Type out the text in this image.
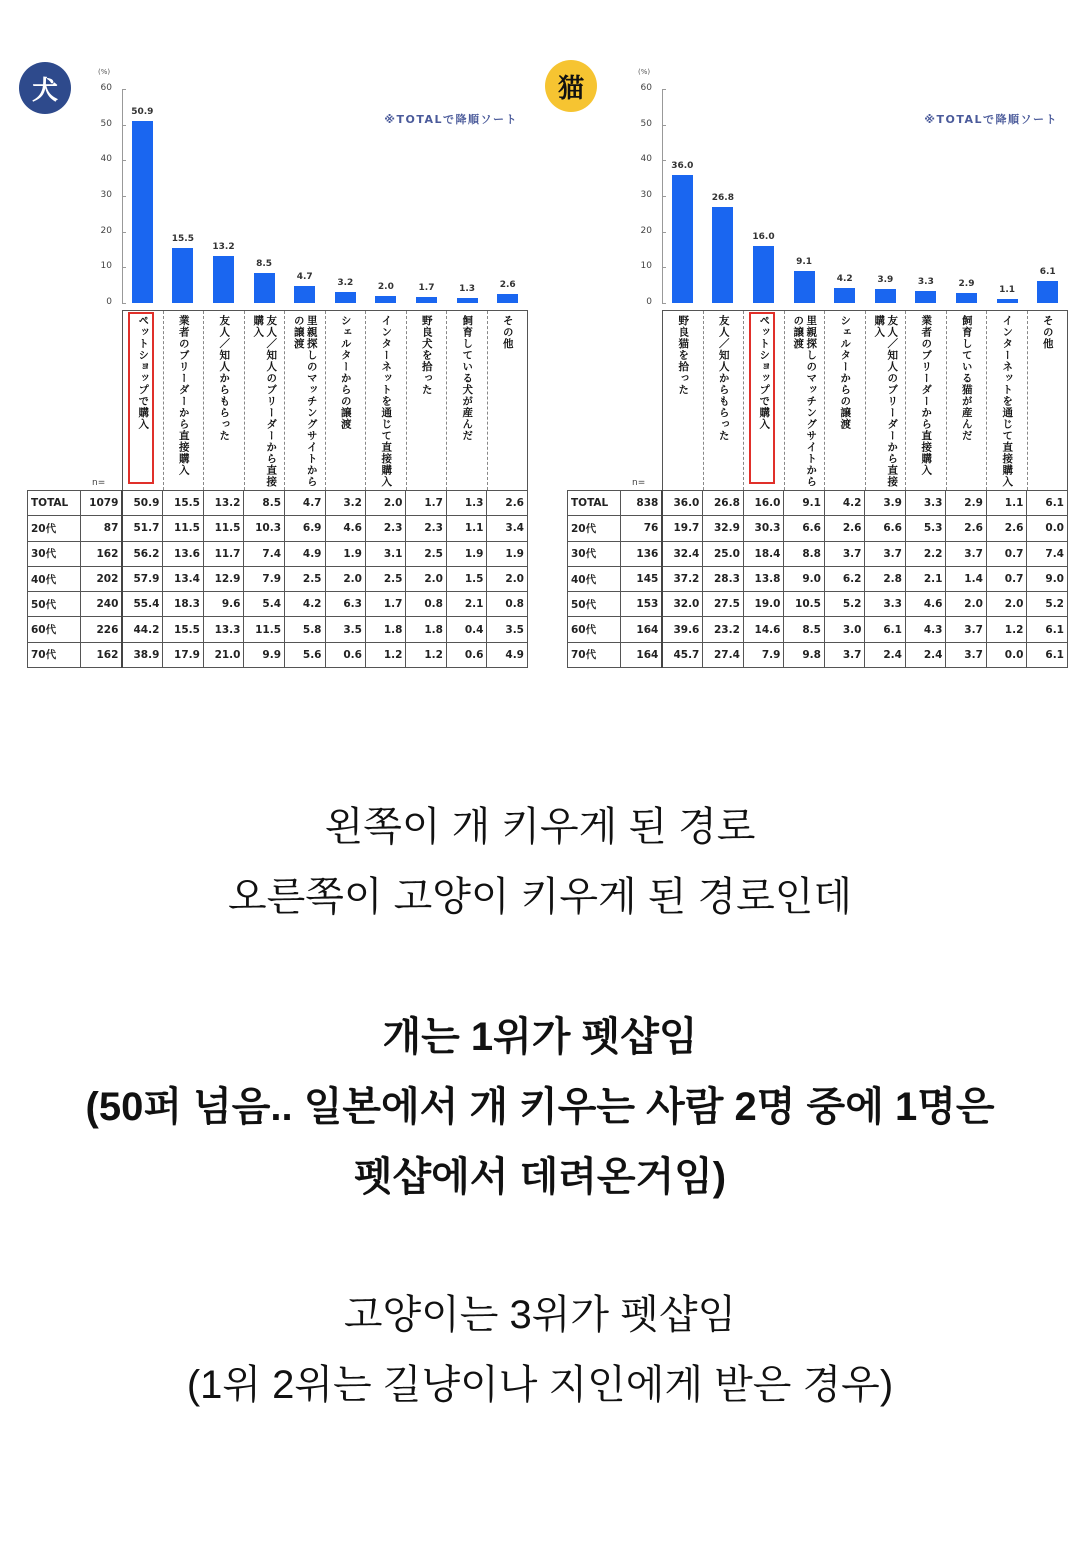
犬
(%)
※TOTALで降順ソート
0
10
20
30
40
50
60
50.9
15.5
13.2
8.5
4.7
3.2	2.0	1.7	1.3	2.6
ペットショップで購入	業者のブリーダーから直接購入	友人／知人からもらった	友人／知人のブリーダーから直接購入	里親探しのマッチングサイトからの譲渡	シェルターからの譲渡	インターネットを通じて直接購入	野良犬を拾った	飼育している犬が産んだ	その他
n=
TOTAL	1079	50.9	15.5	13.2	8.5	4.7	3.2	2.0	1.7	1.3	2.6
20代	87	51.7	11.5	11.5	10.3	6.9	4.6	2.3	2.3	1.1	3.4
30代	162	56.2	13.6	11.7	7.4	4.9	1.9	3.1	2.5	1.9	1.9
40代	202	57.9	13.4	12.9	7.9	2.5	2.0	2.5	2.0	1.5	2.0
50代	240	55.4	18.3	9.6	5.4	4.2	6.3	1.7	0.8	2.1	0.8
60代	226	44.2	15.5	13.3	11.5	5.8	3.5	1.8	1.8	0.4	3.5
70代	162	38.9	17.9	21.0	9.9	5.6	0.6	1.2	1.2	0.6	4.9
猫
(%)
※TOTALで降順ソート
0
10
20
30
40
50
60
36.0
26.8
16.0
9.1
4.2	3.9	3.3	2.9
1.1
6.1
野良猫を拾った	友人／知人からもらった	ペットショップで購入	里親探しのマッチングサイトからの譲渡	シェルターからの譲渡	友人／知人のブリーダーから直接購入	業者のブリーダーから直接購入	飼育している猫が産んだ	インターネットを通じて直接購入	その他
n=
TOTAL	838	36.0	26.8	16.0	9.1	4.2	3.9	3.3	2.9	1.1	6.1
20代	76	19.7	32.9	30.3	6.6	2.6	6.6	5.3	2.6	2.6	0.0
30代	136	32.4	25.0	18.4	8.8	3.7	3.7	2.2	3.7	0.7	7.4
40代	145	37.2	28.3	13.8	9.0	6.2	2.8	2.1	1.4	0.7	9.0
50代	153	32.0	27.5	19.0	10.5	5.2	3.3	4.6	2.0	2.0	5.2
60代	164	39.6	23.2	14.6	8.5	3.0	6.1	4.3	3.7	1.2	6.1
70代	164	45.7	27.4	7.9	9.8	3.7	2.4	2.4	3.7	0.0	6.1

왼쪽이 개 키우게 된 경로

오른쪽이 고양이 키우게 된 경로인데

개는 1위가 펫샵임

(50퍼 넘음.. 일본에서 개 키우는 사람 2명 중에 1명은

펫샵에서 데려온거임)

고양이는 3위가 펫샵임

(1위 2위는 길냥이나 지인에게 받은 경우)
